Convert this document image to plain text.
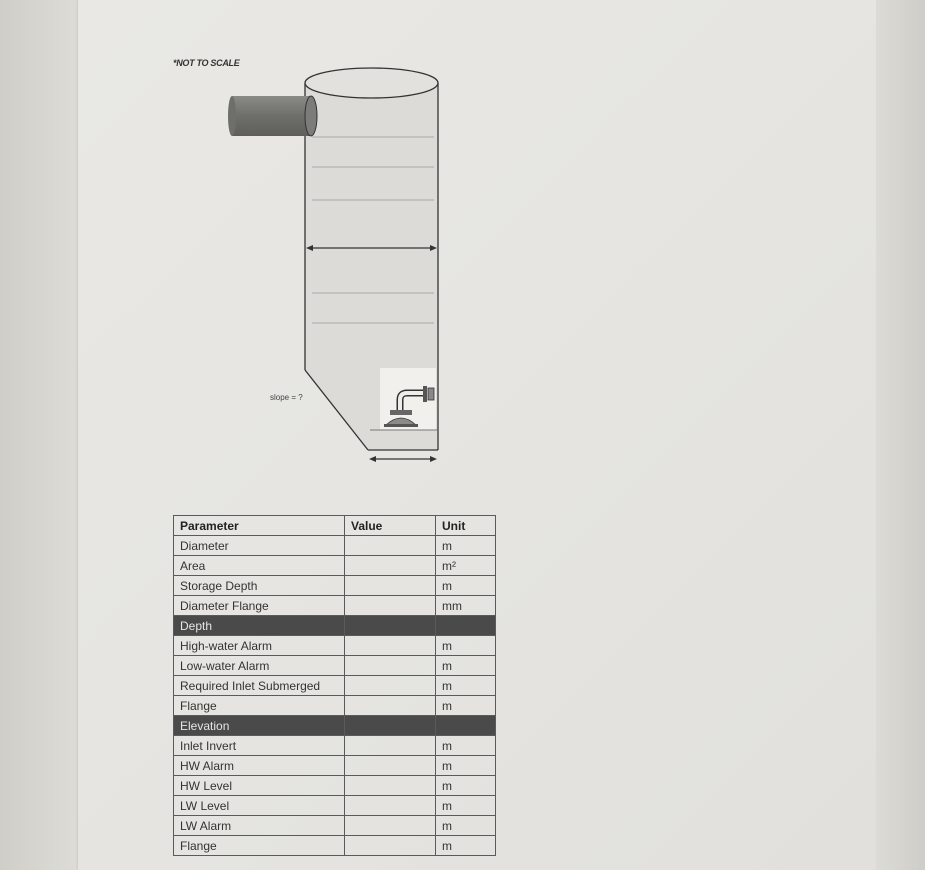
*NOT TO SCALE
slope = ?
Parameter	Value	Unit
Diameter		m
Area		m²
Storage Depth		m
Diameter Flange		mm
Depth		
High-water Alarm		m
Low-water Alarm		m
Required Inlet Submerged		m
Flange		m
Elevation		
Inlet Invert		m
HW Alarm		m
HW Level		m
LW Level		m
LW Alarm		m
Flange		m
